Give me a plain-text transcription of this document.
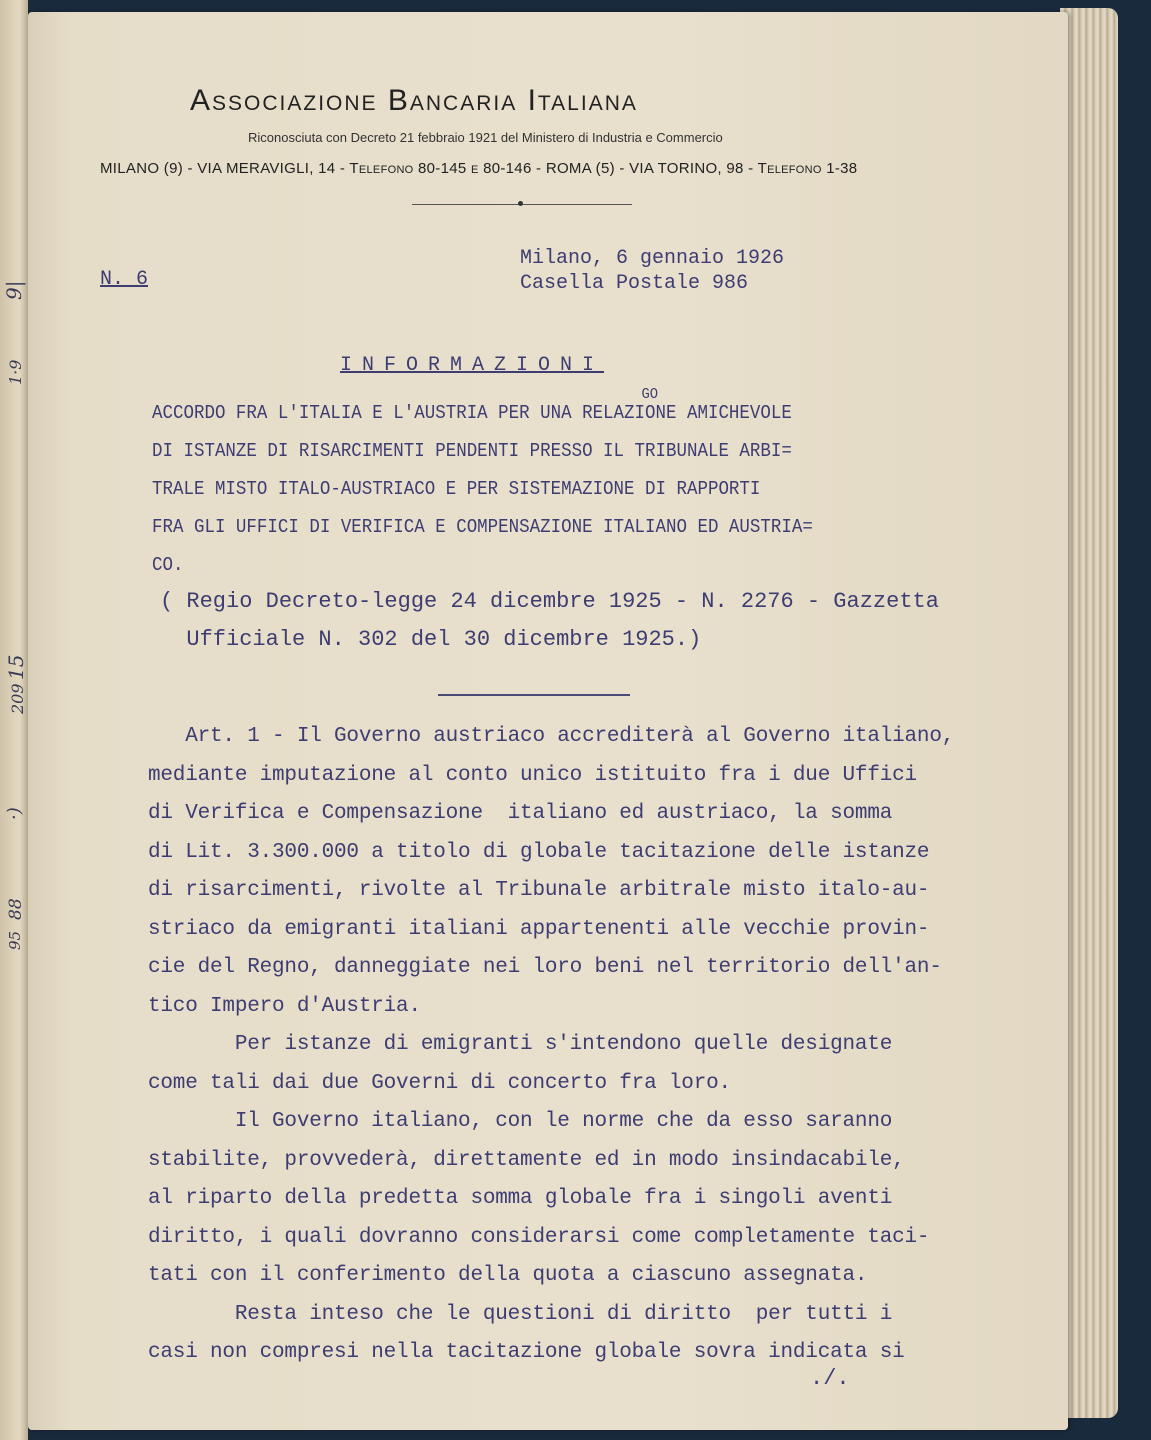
9|
1·9
15
209
·)
88
95
Associazione Bancaria Italiana
Riconosciuta con Decreto 21 febbraio 1921 del Ministero di Industria e Commercio
MILANO (9) - VIA MERAVIGLI, 14 - Telefono 80-145 e 80-146 - ROMA (5) - VIA TORINO, 98 - Telefono 1-38
N. 6
Milano, 6 gennaio 1926
Casella Postale 986
INFORMAZIONI
GO
ACCORDO FRA L'ITALIA E L'AUSTRIA PER UNA RELAZIONE AMICHEVOLE
DI ISTANZE DI RISARCIMENTI PENDENTI PRESSO IL TRIBUNALE ARBI=
TRALE MISTO ITALO-AUSTRIACO E PER SISTEMAZIONE DI RAPPORTI
FRA GLI UFFICI DI VERIFICA E COMPENSAZIONE ITALIANO ED AUSTRIA=
CO.
( Regio Decreto-legge 24 dicembre 1925 - N. 2276 - Gazzetta
Ufficiale N. 302 del 30 dicembre 1925.)
Art. 1 - Il Governo austriaco accrediterà al Governo italiano,
mediante imputazione al conto unico istituito fra i due Uffici
di Verifica e Compensazione  italiano ed austriaco, la somma
di Lit. 3.300.000 a titolo di globale tacitazione delle istanze
di risarcimenti, rivolte al Tribunale arbitrale misto italo-au-
striaco da emigranti italiani appartenenti alle vecchie provin-
cie del Regno, danneggiate nei loro beni nel territorio dell'an-
tico Impero d'Austria.
Per istanze di emigranti s'intendono quelle designate
come tali dai due Governi di concerto fra loro.
Il Governo italiano, con le norme che da esso saranno
stabilite, provvederà, direttamente ed in modo insindacabile,
al riparto della predetta somma globale fra i singoli aventi
diritto, i quali dovranno considerarsi come completamente taci-
tati con il conferimento della quota a ciascuno assegnata.
Resta inteso che le questioni di diritto  per tutti i
casi non compresi nella tacitazione globale sovra indicata si
./.
